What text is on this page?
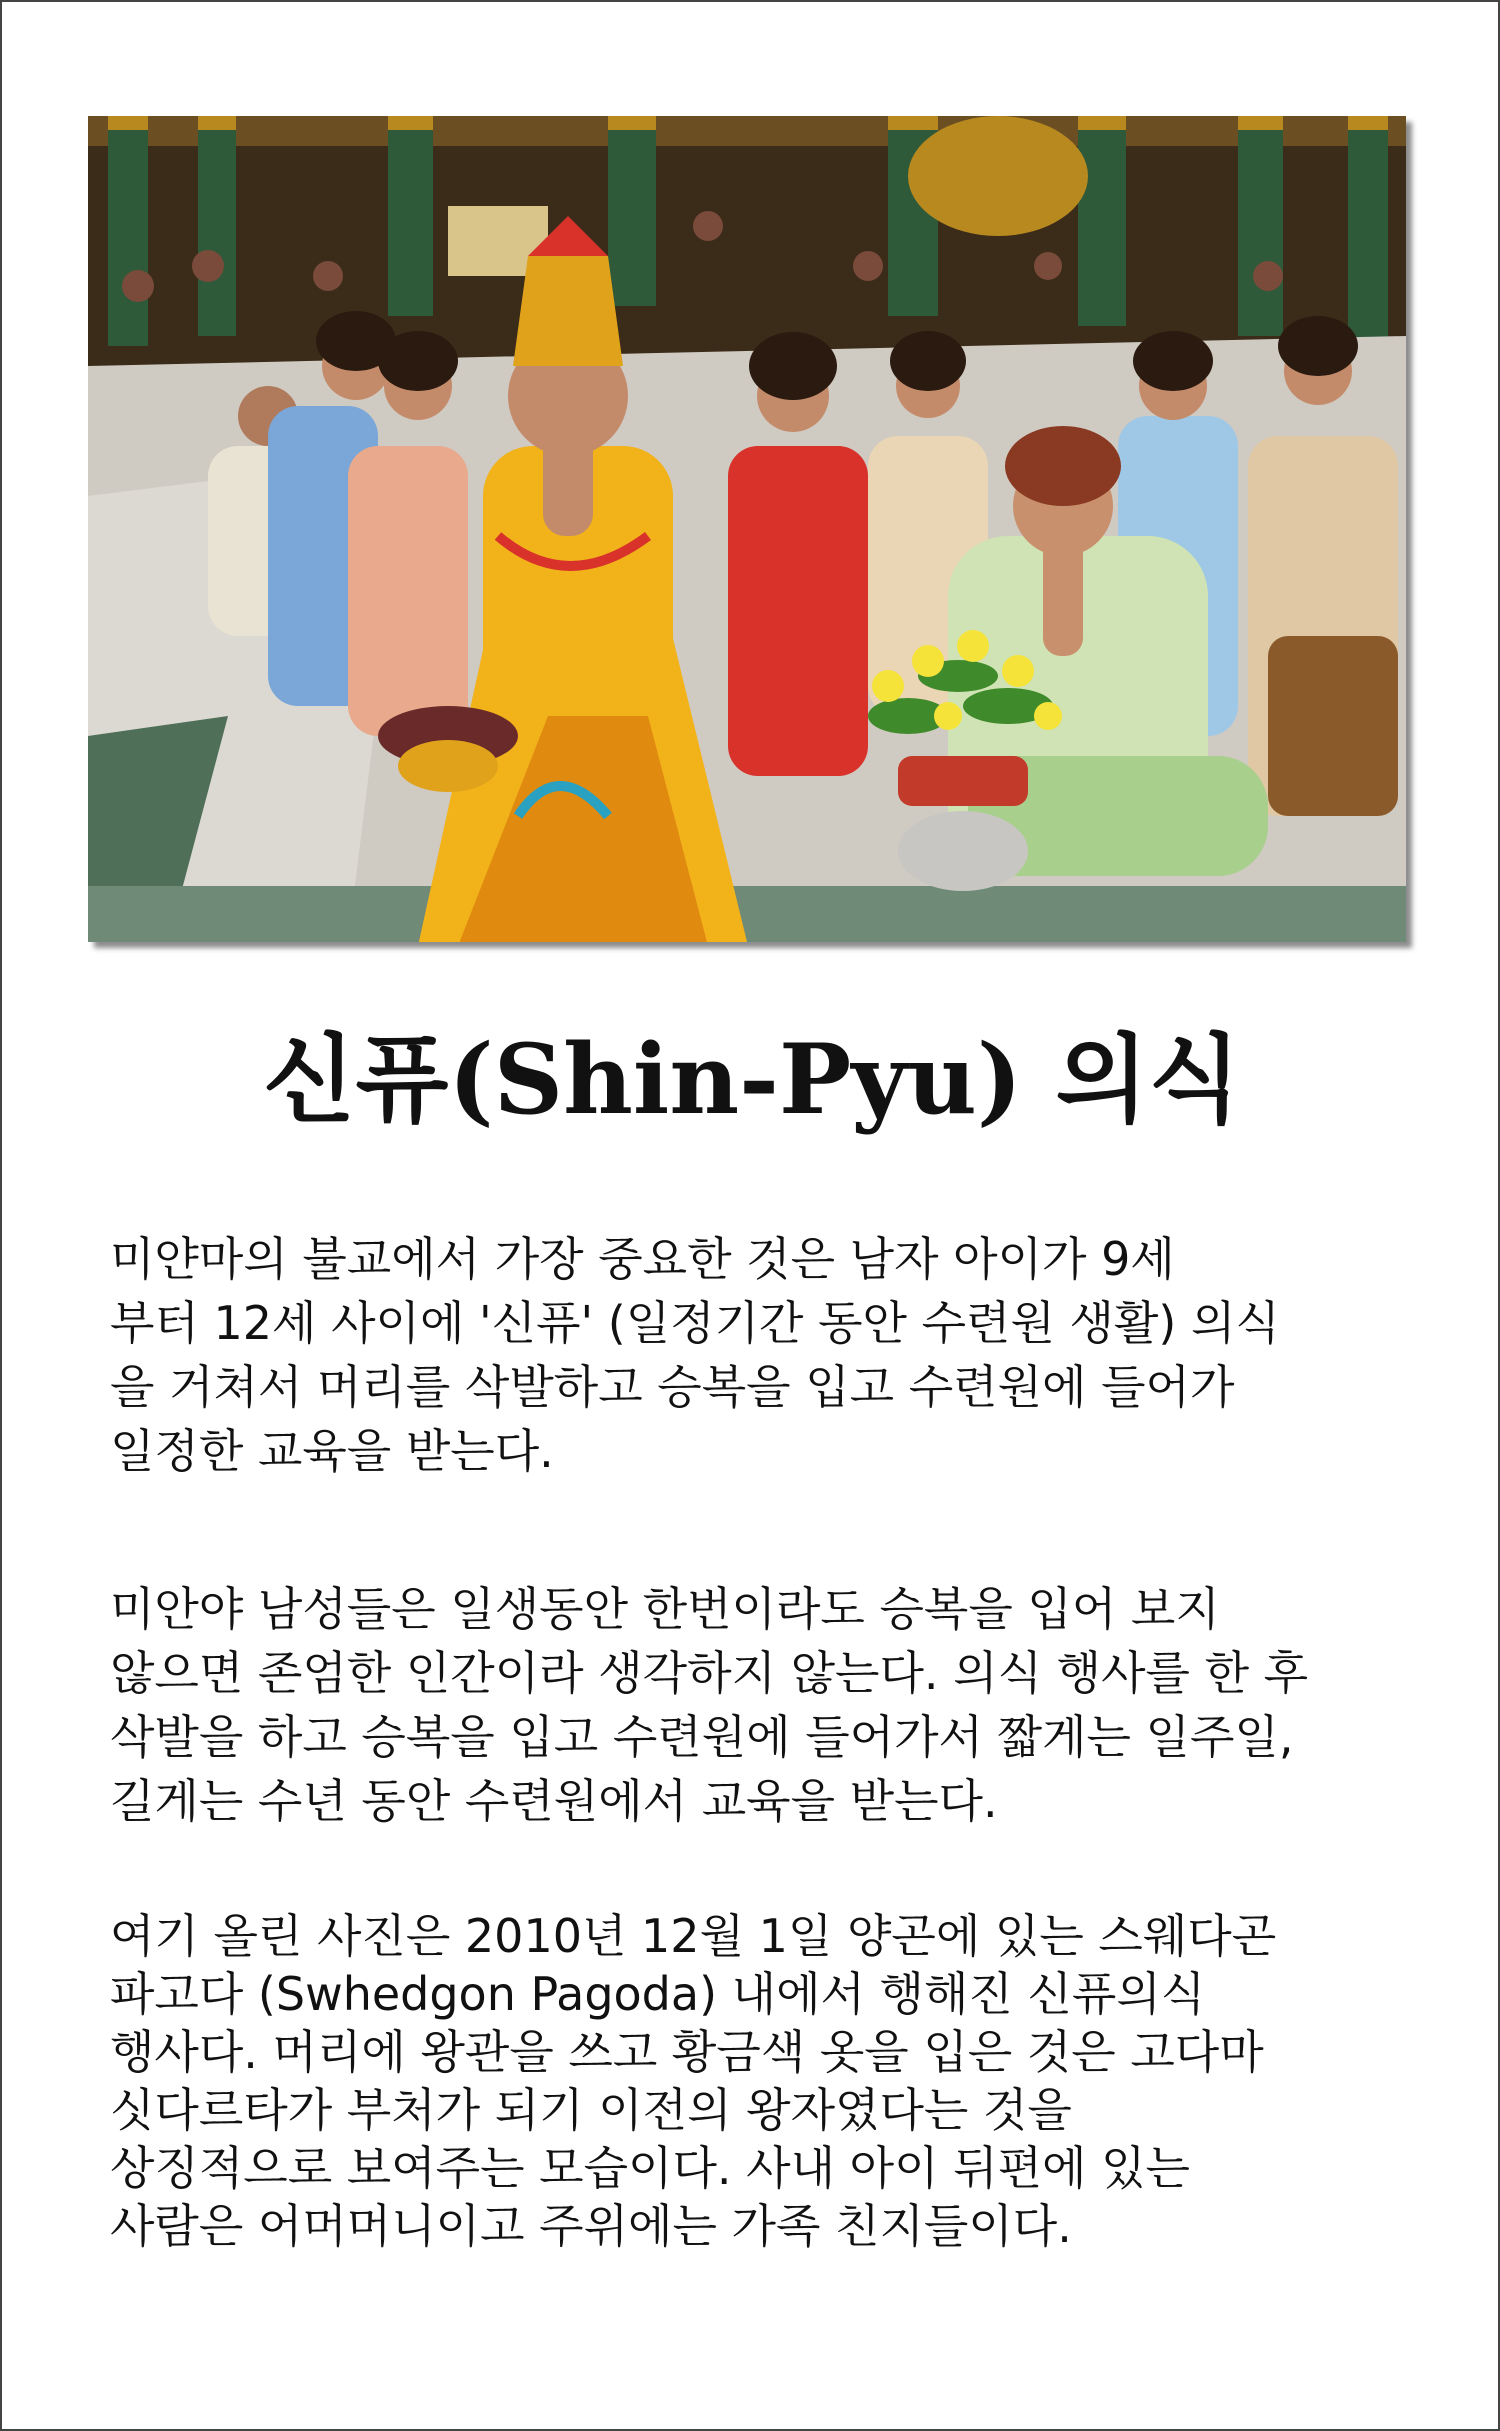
신퓨(Shin-Pyu) 의식
미얀마의 불교에서 가장 중요한 것은 남자 아이가 9세
부터 12세 사이에 '신퓨' (일정기간 동안 수련원 생활) 의식
을 거쳐서 머리를 삭발하고 승복을 입고 수련원에 들어가
일정한 교육을 받는다.
미안야 남성들은 일생동안 한번이라도 승복을 입어 보지
않으면 존엄한 인간이라 생각하지 않는다. 의식 행사를 한 후
삭발을 하고 승복을 입고 수련원에 들어가서 짧게는 일주일,
길게는 수년 동안 수련원에서 교육을 받는다.
여기 올린 사진은 2010년 12월 1일 양곤에 있는 스웨다곤
파고다 (Swhedgon Pagoda) 내에서 행해진 신퓨의식
행사다. 머리에 왕관을 쓰고 황금색 옷을 입은 것은 고다마
싯다르타가 부처가 되기 이전의 왕자였다는 것을
상징적으로 보여주는 모습이다. 사내 아이 뒤편에 있는
사람은 어머머니이고 주위에는 가족 친지들이다.
